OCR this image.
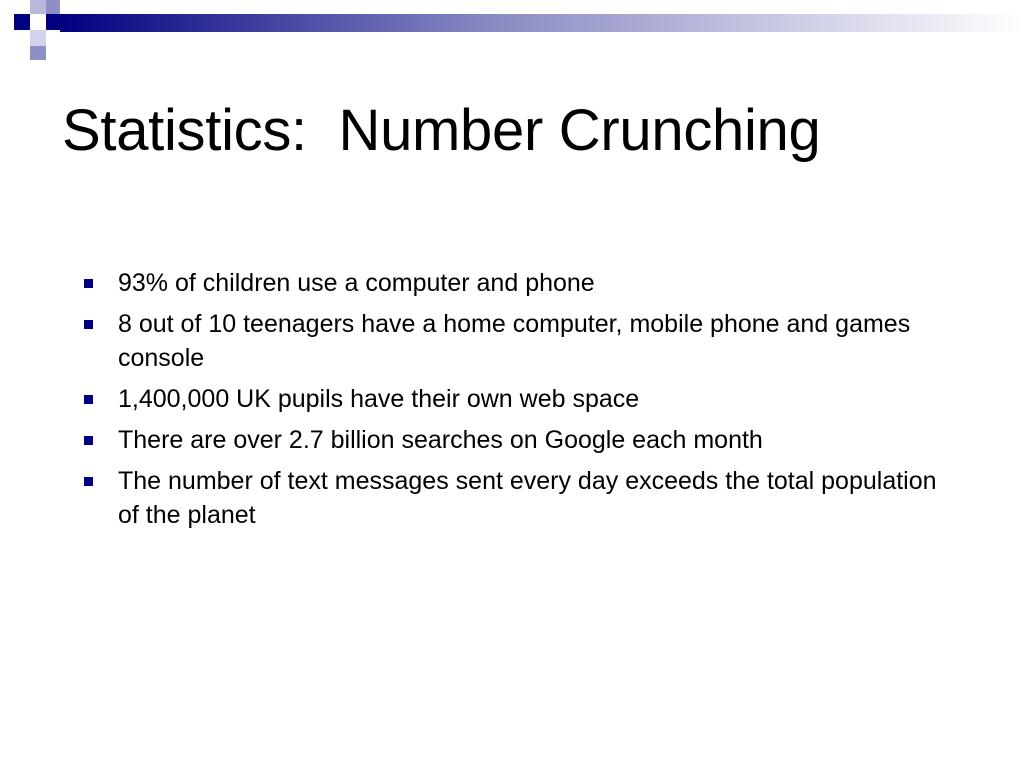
Statistics:  Number Crunching
93% of children use a computer and phone
8 out of 10 teenagers have a home computer, mobile phone and games console
1,400,000 UK pupils have their own web space
There are over 2.7 billion searches on Google each month
The number of text messages sent every day exceeds the total population of the planet
